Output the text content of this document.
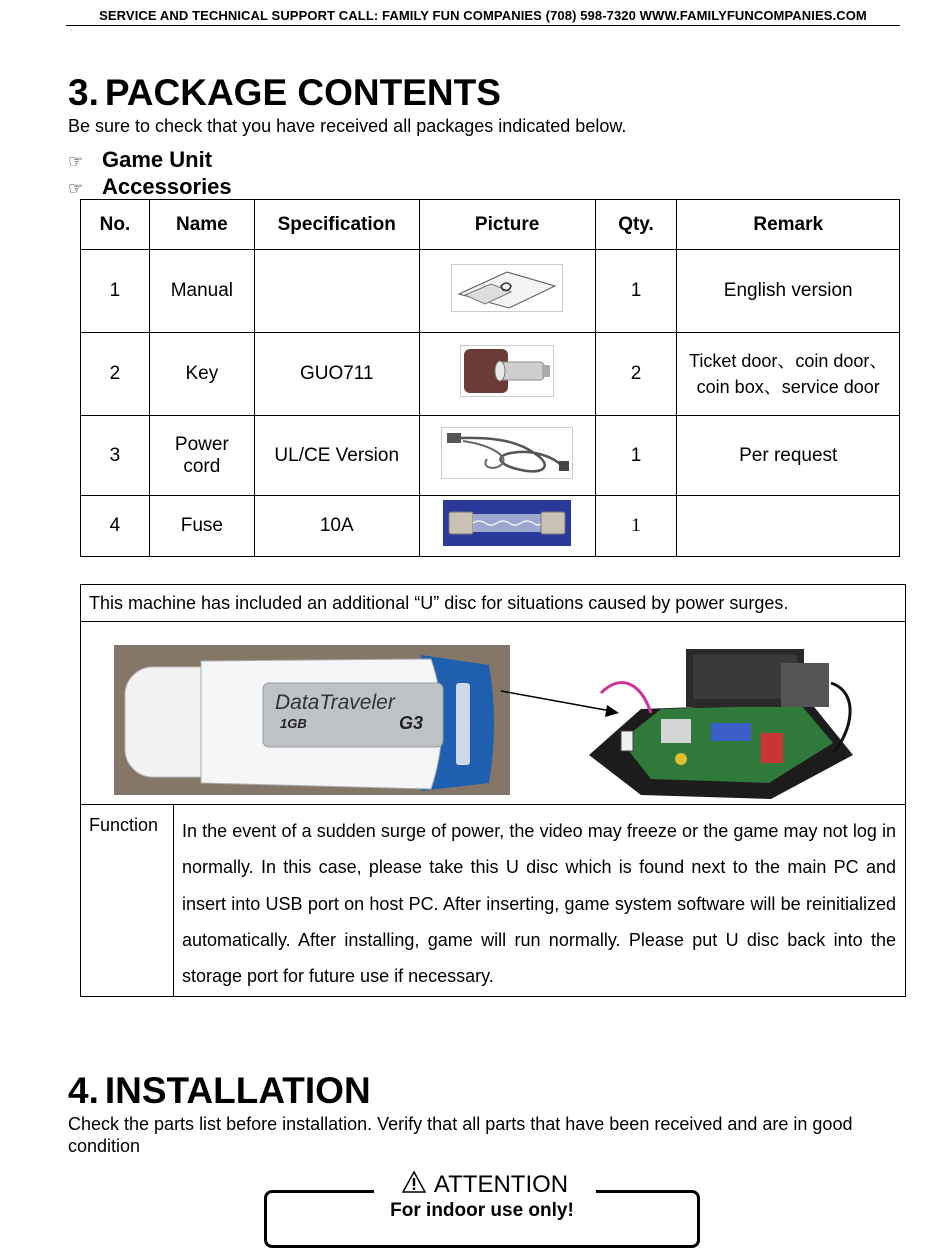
SERVICE AND TECHNICAL SUPPORT CALL: FAMILY FUN COMPANIES (708) 598-7320 WWW.FAMILYFUNCOMPANIES.COM
3. PACKAGE CONTENTS
Be sure to check that you have received all packages indicated below.
☞ Game Unit
☞ Accessories
No.	Name	Specification	Picture	Qty.	Remark
1	Manual			1	English version
2	Key	GUO711		2	Ticket door、coin door、coin box、service door
3	Power cord	UL/CE Version		1	Per request
4	Fuse	10A		1	
This machine has included an additional “U” disc for situations caused by power surges.

DataTraveler
1GB	G3

Function	In the event of a sudden surge of power, the video may freeze or the game may not log in normally. In this case, please take this U disc which is found next to the main PC and insert into USB port on host PC. After inserting, game system software will be reinitialized automatically. After installing, game will run normally. Please put U disc back into the storage port for future use if necessary.
4. INSTALLATION
Check the parts list before installation. Verify that all parts that have been received and are in good condition
ATTENTION
For indoor use only!
